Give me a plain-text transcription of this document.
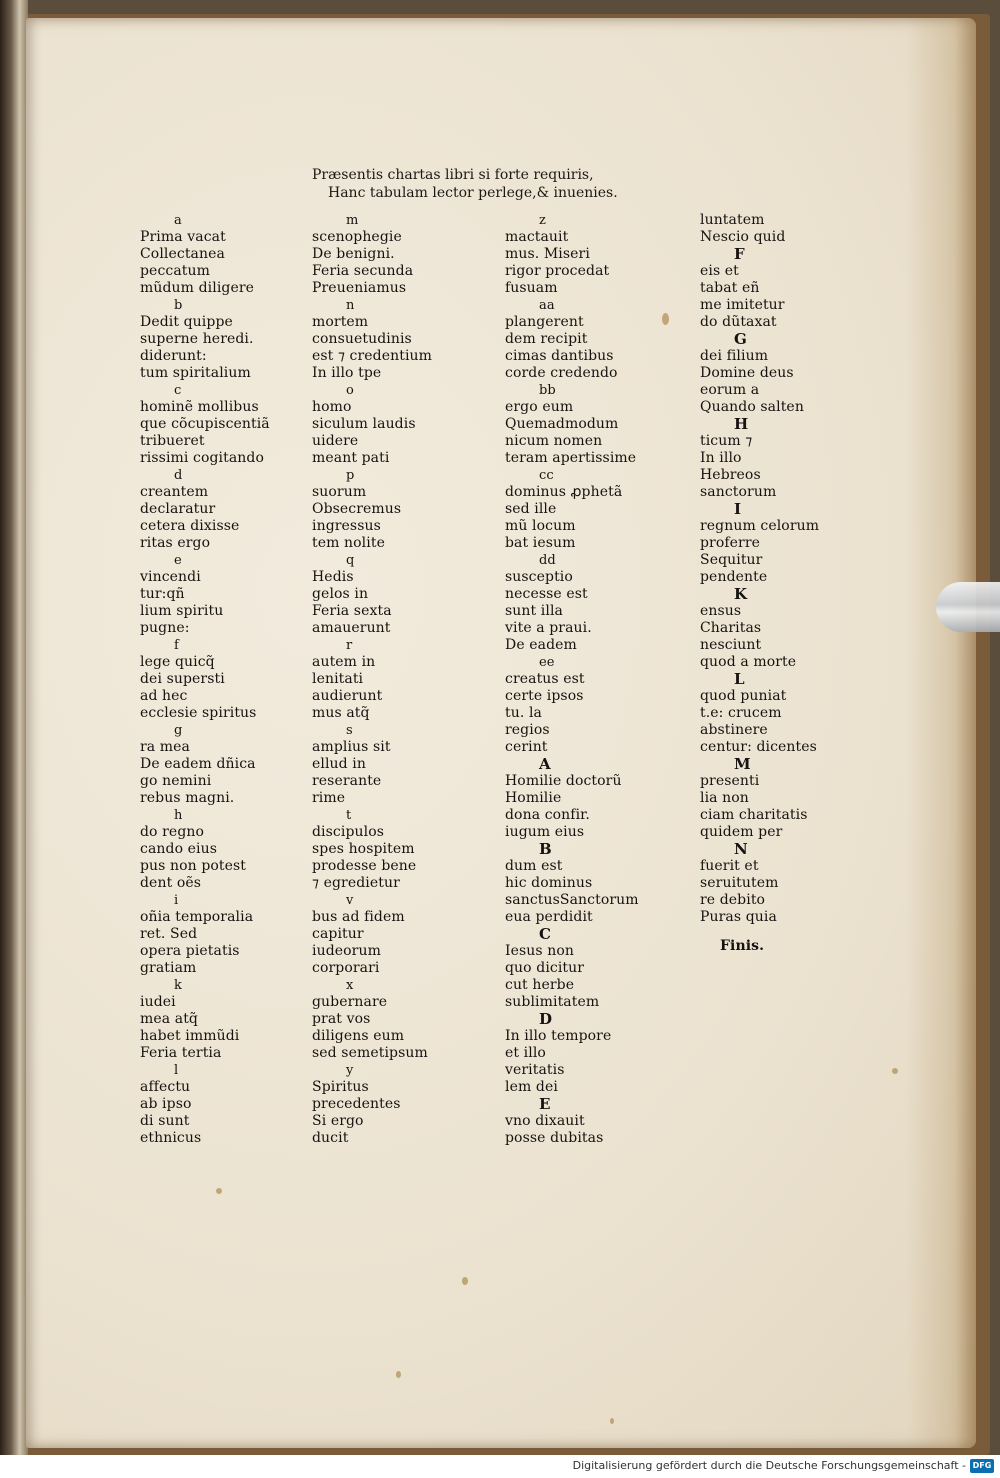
Præsentis chartas libri si forte requiris,
Hanc tabulam lector perlege,& inuenies.
a
Prima vacat
Collectanea
peccatum
mũdum diligere
b
Dedit quippe
superne heredi.
diderunt:
tum spiritalium
c
hominẽ mollibus
que cõcupiscentiã
tribueret
rissimi cogitando
d
creantem
declaratur
cetera dixisse
ritas ergo
e
vincendi
tur:qñ
lium spiritu
pugne:
f
lege quicq̃
dei supersti
ad hec
ecclesie spiritus
g
ra mea
De eadem dñica
go nemini
rebus magni.
h
do regno
cando eius
pus non potest
dent oẽs
i
oñia temporalia
ret. Sed
opera pietatis
gratiam
k
iudei
mea atq̃
habet immũdi
Feria tertia
l
affectu
ab ipso
di sunt
ethnicus
m
scenophegie
De benigni.
Feria secunda
Preueniamus
n
mortem
consuetudinis
est ⁊ credentium
In illo tpe
o
homo
siculum laudis
uidere
meant pati
p
suorum
Obsecremus
ingressus
tem nolite
q
Hedis
gelos in
Feria sexta
amauerunt
r
autem in
lenitati
audierunt
mus atq̃
s
amplius sit
ellud in
reserante
rime
t
discipulos
spes hospitem
prodesse bene
⁊ egredietur
v
bus ad fidem
capitur
iudeorum
corporari
x
gubernare
prat vos
diligens eum
sed semetipsum
y
Spiritus
precedentes
Si ergo
ducit
z
mactauit
mus. Miseri
rigor procedat
fusuam
aa
plangerent
dem recipit
cimas dantibus
corde credendo
bb
ergo eum
Quemadmodum
nicum nomen
teram apertissime
cc
dominus ꝓphetã
sed ille
mũ locum
bat iesum
dd
susceptio
necesse est
sunt illa
vite a praui.
De eadem
ee
creatus est
certe ipsos
tu. la
regios
cerint
A
Homilie doctorũ
Homilie
dona confir.
iugum eius
B
dum est
hic dominus
sanctusSanctorum
eua perdidit
C
Iesus non
quo dicitur
cut herbe
sublimitatem
D
In illo tempore
et illo
veritatis
lem dei
E
vno dixauit
posse dubitas
luntatem
Nescio quid
F
eis et
tabat eñ
me imitetur
do dũtaxat
G
dei filium
Domine deus
eorum a
Quando salten
H
ticum ⁊
In illo
Hebreos
sanctorum
I
regnum celorum
proferre
Sequitur
pendente
K
ensus
Charitas
nesciunt
quod a morte
L
quod puniat
t.e: crucem
abstinere
centur: dicentes
M
presenti
lia non
ciam charitatis
quidem per
N
fuerit et
seruitutem
re debito
Puras quia
Finis.
Digitalisierung gefördert durch die Deutsche Forschungsgemeinschaft - DFG
